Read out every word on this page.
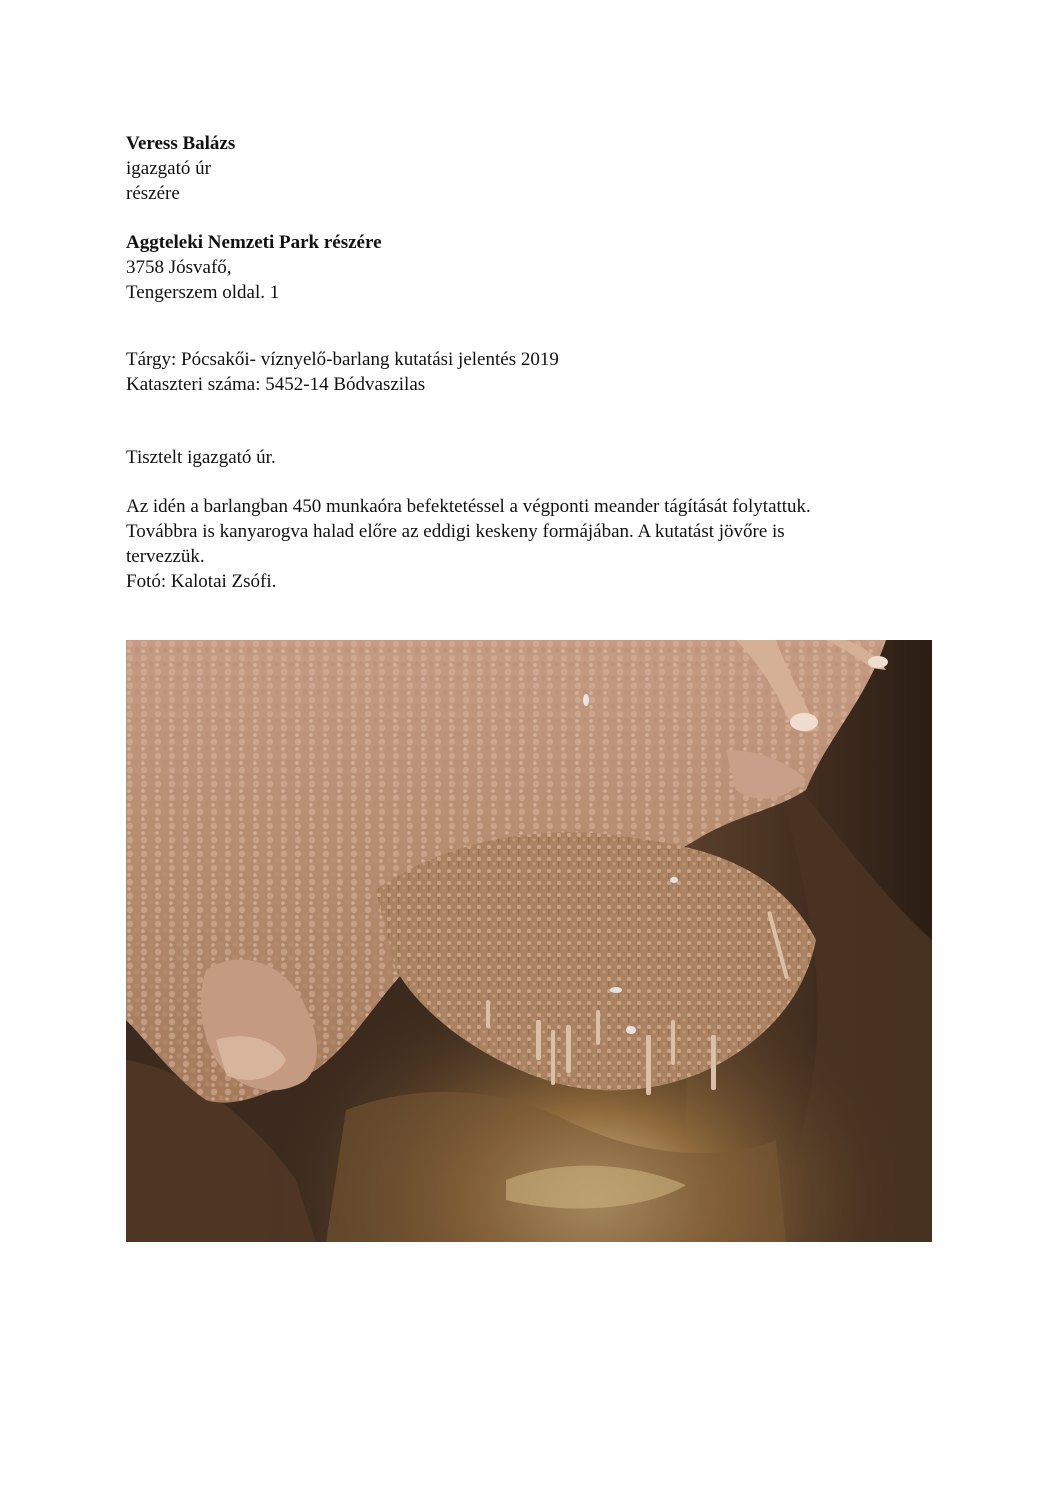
Veress Balázs
igazgató úr
részére
Aggteleki Nemzeti Park részére
3758 Jósvafő,
Tengerszem oldal. 1
Tárgy: Pócsakői- víznyelő-barlang kutatási jelentés 2019
Kataszteri száma: 5452-14 Bódvaszilas
Tisztelt igazgató úr.
Az idén a barlangban 450 munkaóra befektetéssel a végponti meander tágítását folytattuk.
Továbbra is kanyarogva halad előre az eddigi keskeny formájában. A kutatást jövőre is
tervezzük.
Fotó: Kalotai Zsófi.
